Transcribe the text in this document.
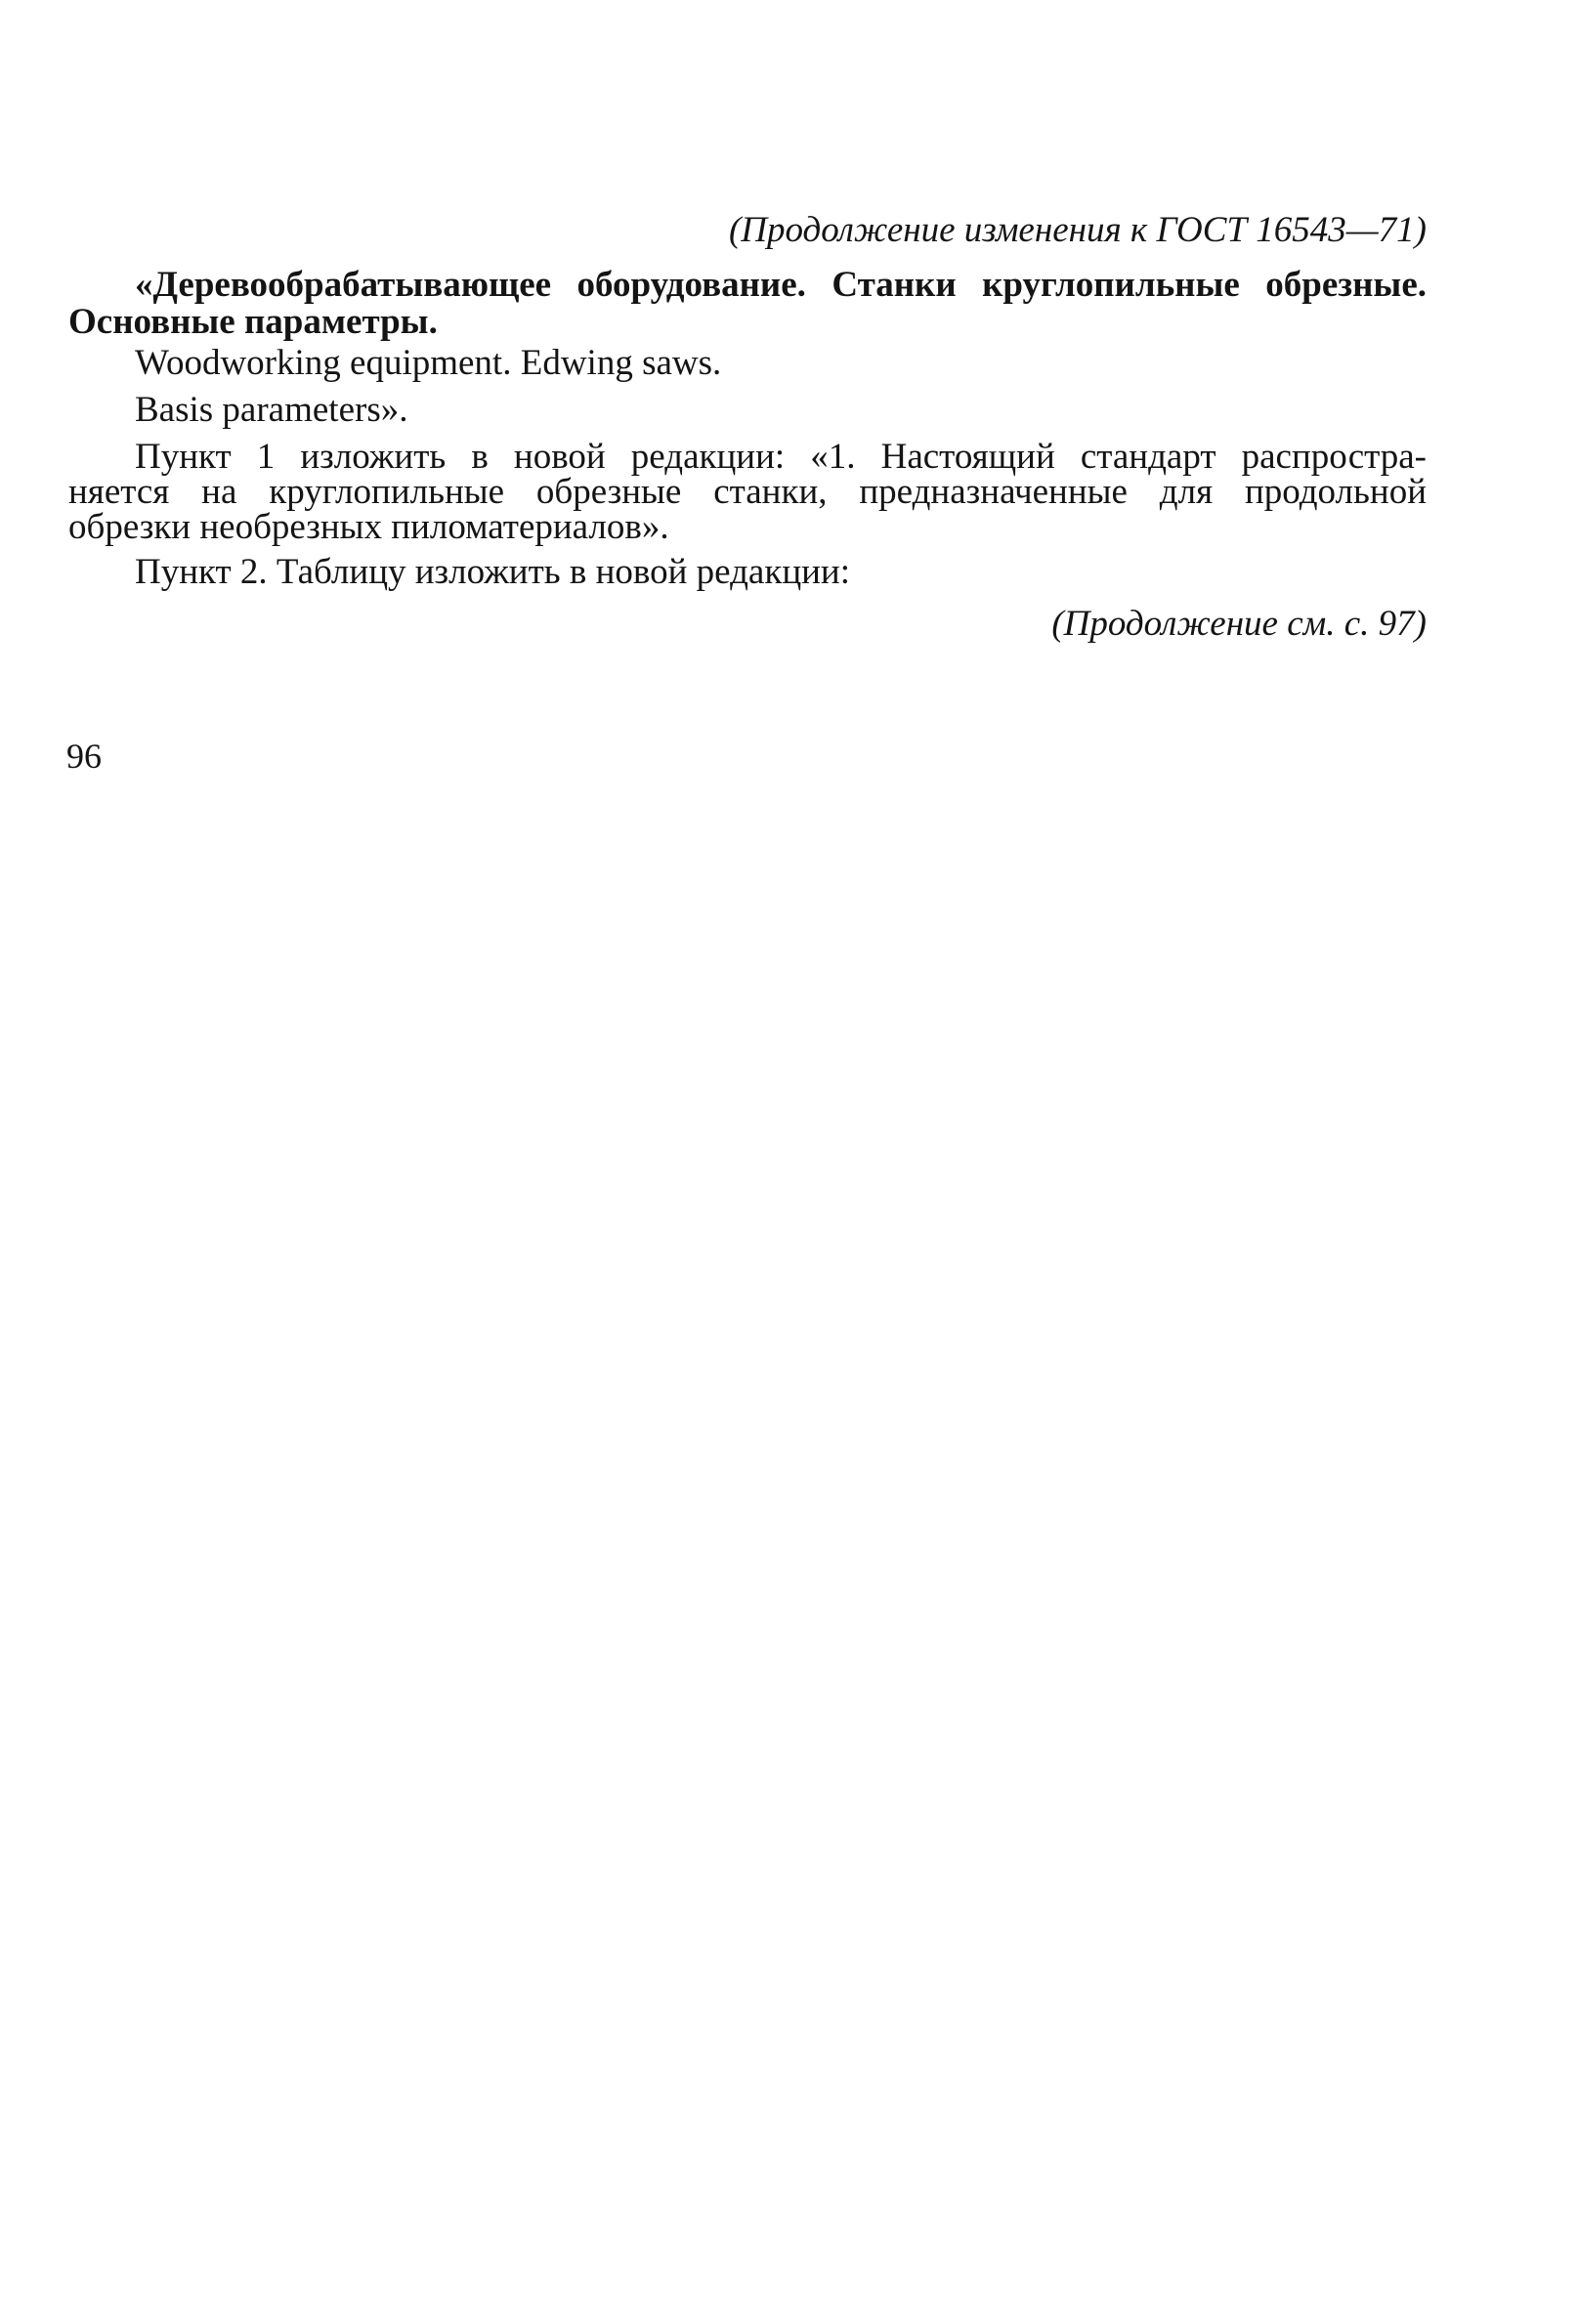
(Продолжение изменения к ГОСТ 16543—71)
«Деревообрабатывающее оборудование. Станки круглопильные обрезные.
Основные параметры.
Woodworking equipment. Edwing saws.
Basis parameters».
Пункт 1 изложить в новой редакции: «1. Настоящий стандарт распростра-
няется на круглопильные обрезные станки, предназначенные для продольной
обрезки необрезных пиломатериалов».
Пункт 2. Таблицу изложить в новой редакции:
(Продолжение см. с. 97)
96
